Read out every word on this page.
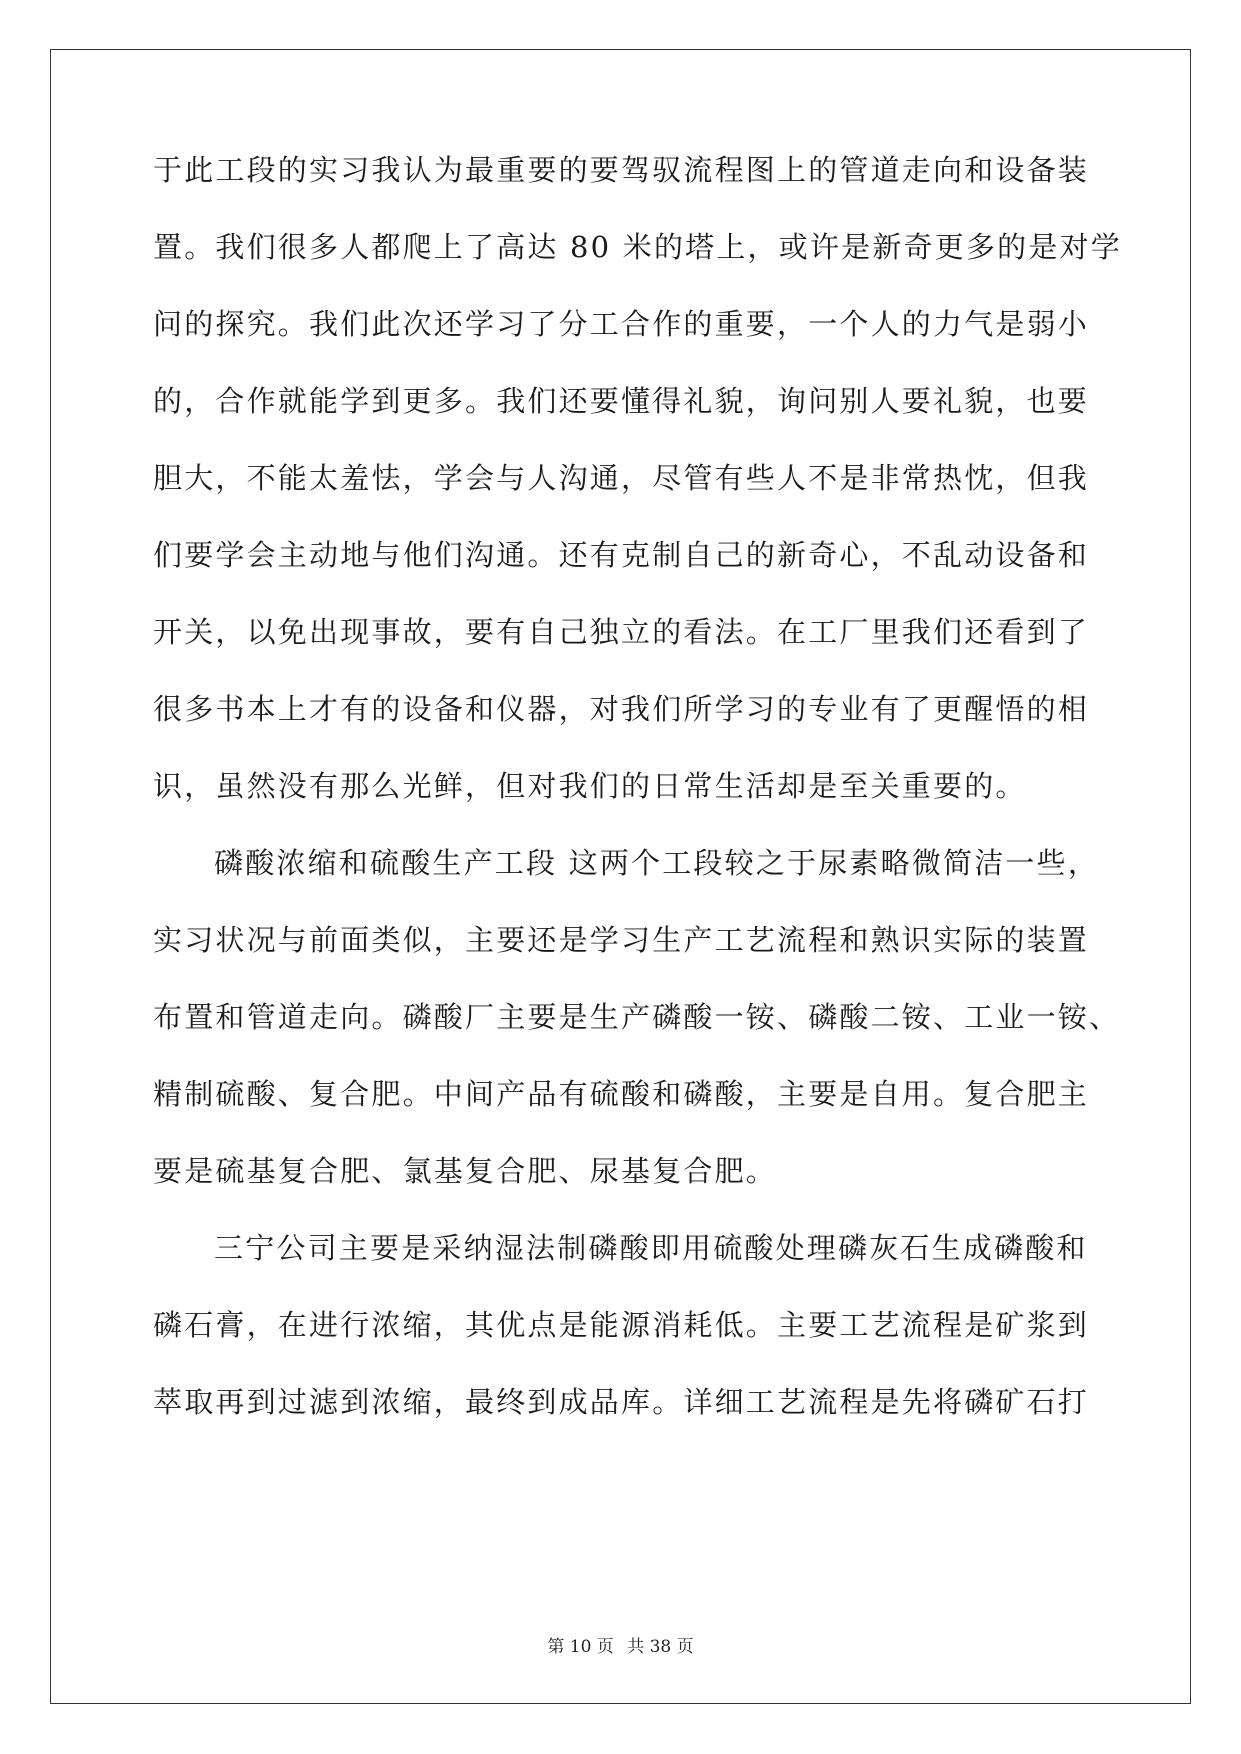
于此工段的实习我认为最重要的要驾驭流程图上的管道走向和设备装
置。我们很多人都爬上了高达 80 米的塔上，或许是新奇更多的是对学
问的探究。我们此次还学习了分工合作的重要，一个人的力气是弱小
的，合作就能学到更多。我们还要懂得礼貌，询问别人要礼貌，也要
胆大，不能太羞怯，学会与人沟通，尽管有些人不是非常热忱，但我
们要学会主动地与他们沟通。还有克制自己的新奇心，不乱动设备和
开关，以免出现事故，要有自己独立的看法。在工厂里我们还看到了
很多书本上才有的设备和仪器，对我们所学习的专业有了更醒悟的相
识，虽然没有那么光鲜，但对我们的日常生活却是至关重要的。
磷酸浓缩和硫酸生产工段 这两个工段较之于尿素略微简洁一些，
实习状况与前面类似，主要还是学习生产工艺流程和熟识实际的装置
布置和管道走向。磷酸厂主要是生产磷酸一铵、磷酸二铵、工业一铵、
精制硫酸、复合肥。中间产品有硫酸和磷酸，主要是自用。复合肥主
要是硫基复合肥、氯基复合肥、尿基复合肥。
三宁公司主要是采纳湿法制磷酸即用硫酸处理磷灰石生成磷酸和
磷石膏，在进行浓缩，其优点是能源消耗低。主要工艺流程是矿浆到
萃取再到过滤到浓缩，最终到成品库。详细工艺流程是先将磷矿石打
第 10 页 共 38 页
